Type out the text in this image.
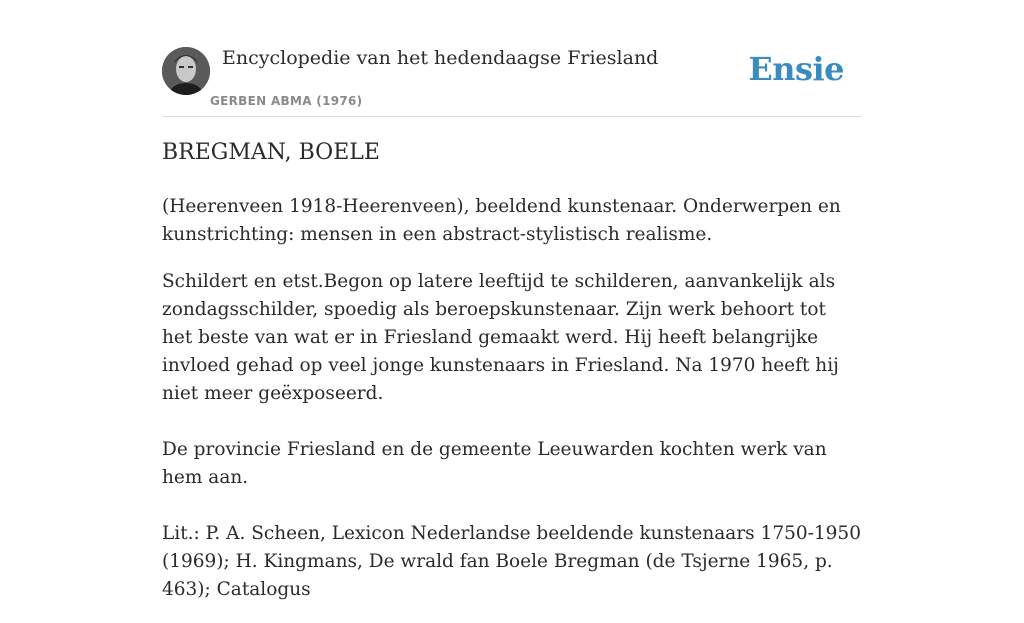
Encyclopedie van het hedendaagse Friesland
GERBEN ABMA (1976)
Ensie
BREGMAN, BOELE

(Heerenveen 1918-Heerenveen), beeldend kunstenaar. Onderwerpen en kunstrichting: mensen in een abstract-stylistisch realisme.

Schildert en etst.Begon op latere leeftijd te schilderen, aanvankelijk als zondagsschilder, spoedig als beroepskunstenaar. Zijn werk behoort tot het beste van wat er in Friesland gemaakt werd. Hij heeft belangrijke invloed gehad op veel jonge kunstenaars in Friesland. Na 1970 heeft hij niet meer geëxposeerd.

De provincie Friesland en de gemeente Leeuwarden kochten werk van hem aan.

Lit.: P. A. Scheen, Lexicon Nederlandse beeldende kunstenaars 1750-1950 (1969); H. Kingmans, De wrald fan Boele Bregman (de Tsjerne 1965, p. 463); Catalogus
